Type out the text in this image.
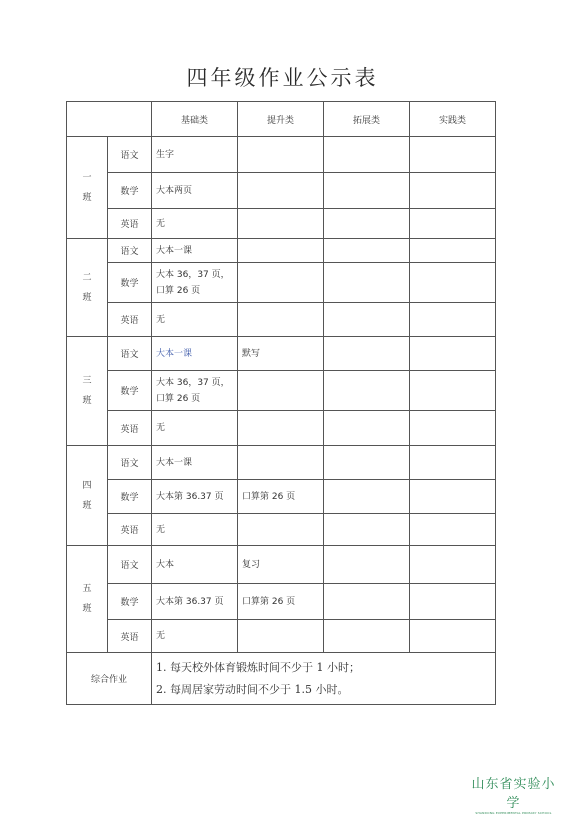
四年级作业公示表
		基础类	提升类	拓展类	实践类

一
班	语文	生字			
	数学	大本两页			
	英语	无			

二
班	语文	大本一课			
	数学	大本 36，37 页，
口算 26 页			

	英语	无			

三
班	语文	大本一课	默写		
	数学	大本 36，37 页，
口算 26 页			

	英语	无			

四
班	语文	大本一课			
	数学	大本第 36.37 页	口算第 26 页		
	英语	无			

五
班	语文	大本	复习		
	数学	大本第 36.37 页	口算第 26 页		
	英语	无			
综合作业		1. 每天校外体育锻炼时间不少于 1 小时；
2. 每周居家劳动时间不少于 1.5 小时。			
山东省实验小学
SHANDONG EXPERIMENTAL PRIMARY SCHOOL
